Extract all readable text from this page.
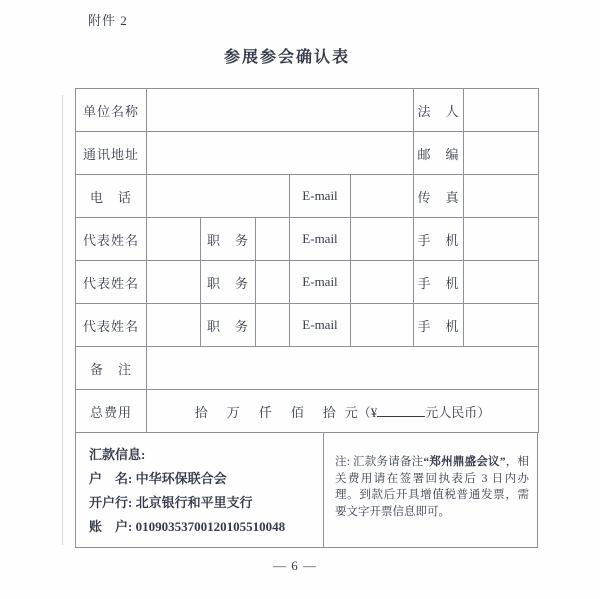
附件 2
参展参会确认表
单位名称						法　人	
通讯地址						邮　编	
电　话				E-mail		传　真	
代表姓名		职　务		E-mail		手　机	
代表姓名		职　务		E-mail		手　机	
代表姓名		职　务		E-mail		手　机	
备　注							
总费用	拾　万　仟　佰　拾 元（¥ 元人民币）						
汇款信息:
户　名: 中华环保联合会
开户行: 北京银行和平里支行
账　户: 01090353700120105510048
注: 汇款务请备注“郑州鼎盛会议”，相关费用请在签署回执表后 3 日内办理。到款后开具增值税普通发票，需要文字开票信息即可。
— 6 —
